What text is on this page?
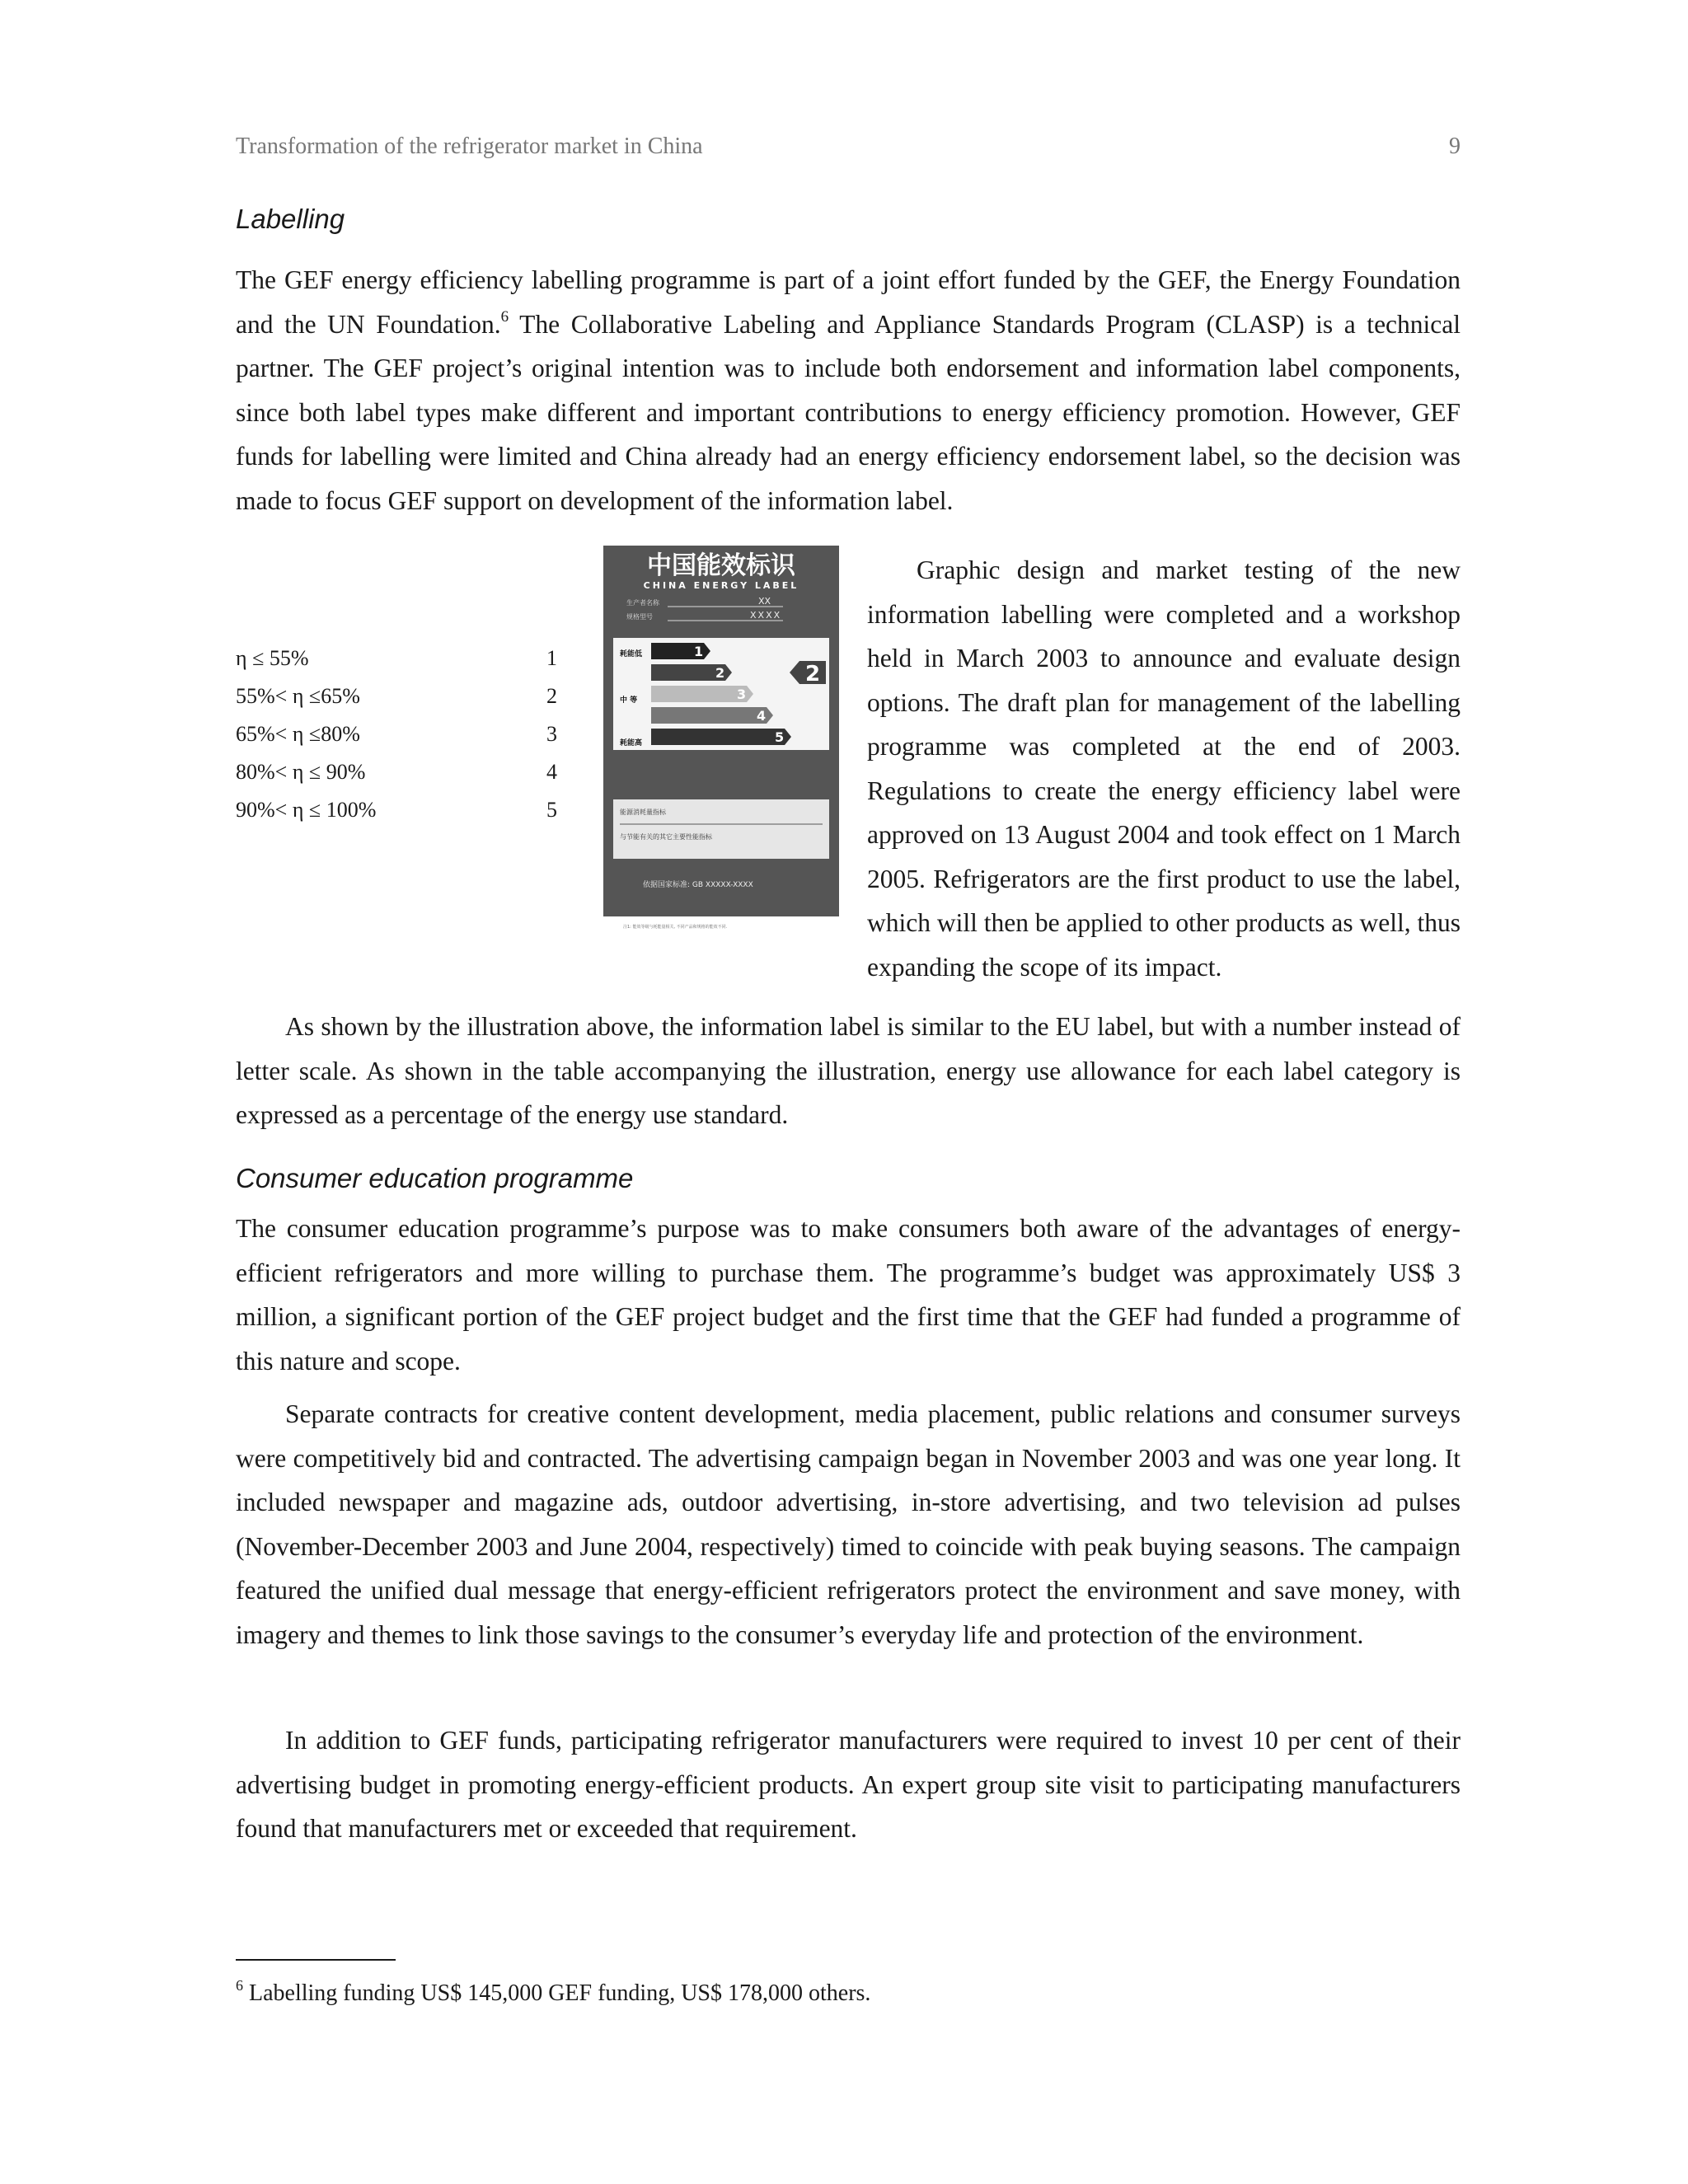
Transformation of the refrigerator market in China	9
Labelling

The GEF energy efficiency labelling programme is part of a joint effort funded by the GEF, the Energy Foundation and the UN Foundation.$^6$ The Collaborative Labeling and Appliance Standards Program (CLASP) is a technical partner. The GEF project’s original intention was to include both endorsement and information label components, since both label types make different and important contributions to energy efficiency promotion. However, GEF funds for labelling were limited and China already had an energy efficiency endorsement label, so the decision was made to focus GEF support on development of the information label.

η ≤ 55%	1
55%< η ≤65%	2
65%< η ≤80%	3
80%< η ≤ 90%	4
90%< η ≤ 100%	5
中国能效标识
CHINA ENERGY LABEL
生产者名称	XX
规格型号	XXXX
耗能低
中 等
耗能高
1
2
3
4
5
2
能源消耗量指标
与节能有关的其它主要性能指标
依据国家标准: GB XXXXX-XXXX
注1: 能效等级与耗能量相关, 不同产品和规格的能效不同.

Graphic design and market testing of the new information labelling were completed and a workshop held in March 2003 to announce and evaluate design options. The draft plan for management of the labelling programme was completed at the end of 2003. Regulations to create the energy efficiency label were approved on 13 August 2004 and took effect on 1 March 2005. Refrigerators are the first product to use the label, which will then be applied to other products as well, thus expanding the scope of its impact.

As shown by the illustration above, the information label is similar to the EU label, but with a number instead of letter scale. As shown in the table accompanying the illustration, energy use allowance for each label category is expressed as a percentage of the energy use standard.

Consumer education programme

The consumer education programme’s purpose was to make consumers both aware of the advantages of energy-efficient refrigerators and more willing to purchase them. The programme’s budget was approximately US$ 3 million, a significant portion of the GEF project budget and the first time that the GEF had funded a programme of this nature and scope.

Separate contracts for creative content development, media placement, public relations and consumer surveys were competitively bid and contracted. The advertising campaign began in November 2003 and was one year long. It included newspaper and magazine ads, outdoor advertising, in-store advertising, and two television ad pulses (November-December 2003 and June 2004, respectively) timed to coincide with peak buying seasons. The campaign featured the unified dual message that energy-efficient refrigerators protect the environment and save money, with imagery and themes to link those savings to the consumer’s everyday life and protection of the environment.

In addition to GEF funds, participating refrigerator manufacturers were required to invest 10 per cent of their advertising budget in promoting energy-efficient products. An expert group site visit to participating manufacturers found that manufacturers met or exceeded that requirement.

$^6$ Labelling funding US$ 145,000 GEF funding, US$ 178,000 others.
